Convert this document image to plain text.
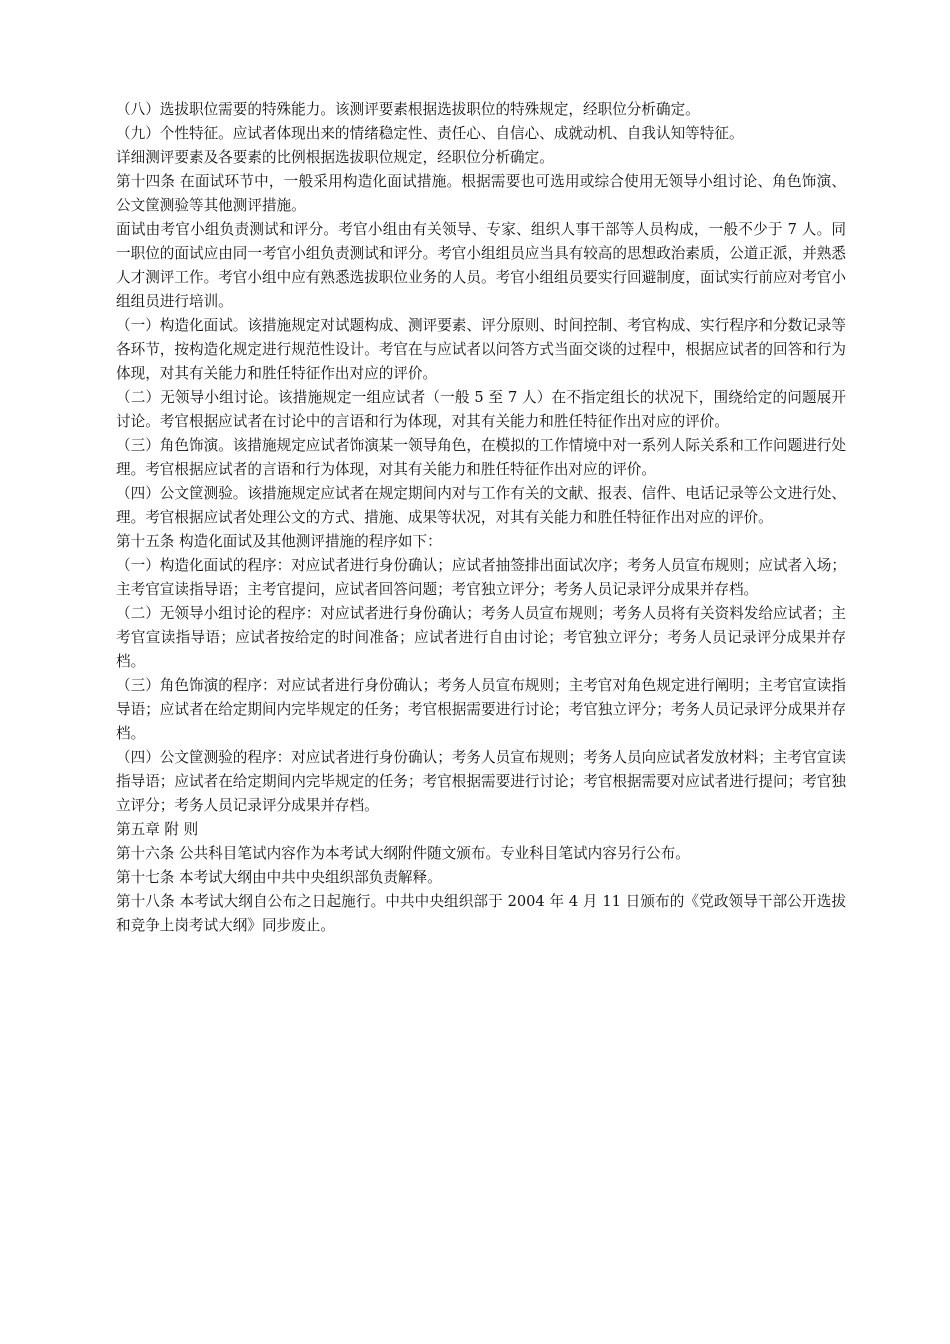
（八）选拔职位需要的特殊能力。该测评要素根据选拔职位的特殊规定，经职位分析确定。

（九）个性特征。应试者体现出来的情绪稳定性、责任心、自信心、成就动机、自我认知等特征。

详细测评要素及各要素的比例根据选拔职位规定，经职位分析确定。

第十四条 在面试环节中，一般采用构造化面试措施。根据需要也可选用或综合使用无领导小组讨论、角色饰演、公文筐测验等其他测评措施。

面试由考官小组负责测试和评分。考官小组由有关领导、专家、组织人事干部等人员构成，一般不少于 7 人。同一职位的面试应由同一考官小组负责测试和评分。考官小组组员应当具有较高的思想政治素质，公道正派，并熟悉人才测评工作。考官小组中应有熟悉选拔职位业务的人员。考官小组组员要实行回避制度，面试实行前应对考官小组组员进行培训。

（一）构造化面试。该措施规定对试题构成、测评要素、评分原则、时间控制、考官构成、实行程序和分数记录等各环节，按构造化规定进行规范性设计。考官在与应试者以问答方式当面交谈的过程中，根据应试者的回答和行为体现，对其有关能力和胜任特征作出对应的评价。

（二）无领导小组讨论。该措施规定一组应试者（一般 5 至 7 人）在不指定组长的状况下，围绕给定的问题展开讨论。考官根据应试者在讨论中的言语和行为体现，对其有关能力和胜任特征作出对应的评价。

（三）角色饰演。该措施规定应试者饰演某一领导角色，在模拟的工作情境中对一系列人际关系和工作问题进行处理。考官根据应试者的言语和行为体现，对其有关能力和胜任特征作出对应的评价。

（四）公文筐测验。该措施规定应试者在规定期间内对与工作有关的文献、报表、信件、电话记录等公文进行处、理。考官根据应试者处理公文的方式、措施、成果等状况，对其有关能力和胜任特征作出对应的评价。

第十五条 构造化面试及其他测评措施的程序如下：

（一）构造化面试的程序：对应试者进行身份确认；应试者抽签排出面试次序；考务人员宣布规则；应试者入场；主考官宣读指导语；主考官提问，应试者回答问题；考官独立评分；考务人员记录评分成果并存档。

（二）无领导小组讨论的程序：对应试者进行身份确认；考务人员宣布规则；考务人员将有关资料发给应试者；主考官宣读指导语；应试者按给定的时间准备；应试者进行自由讨论；考官独立评分；考务人员记录评分成果并存档。

（三）角色饰演的程序：对应试者进行身份确认；考务人员宣布规则；主考官对角色规定进行阐明；主考官宣读指导语；应试者在给定期间内完毕规定的任务；考官根据需要进行讨论；考官独立评分；考务人员记录评分成果并存档。

（四）公文筐测验的程序：对应试者进行身份确认；考务人员宣布规则；考务人员向应试者发放材料；主考官宣读指导语；应试者在给定期间内完毕规定的任务；考官根据需要进行讨论；考官根据需要对应试者进行提问；考官独立评分；考务人员记录评分成果并存档。

第五章 附 则

第十六条 公共科目笔试内容作为本考试大纲附件随文颁布。专业科目笔试内容另行公布。

第十七条 本考试大纲由中共中央组织部负责解释。

第十八条 本考试大纲自公布之日起施行。中共中央组织部于 2004 年 4 月 11 日颁布的《党政领导干部公开选拔和竞争上岗考试大纲》同步废止。
